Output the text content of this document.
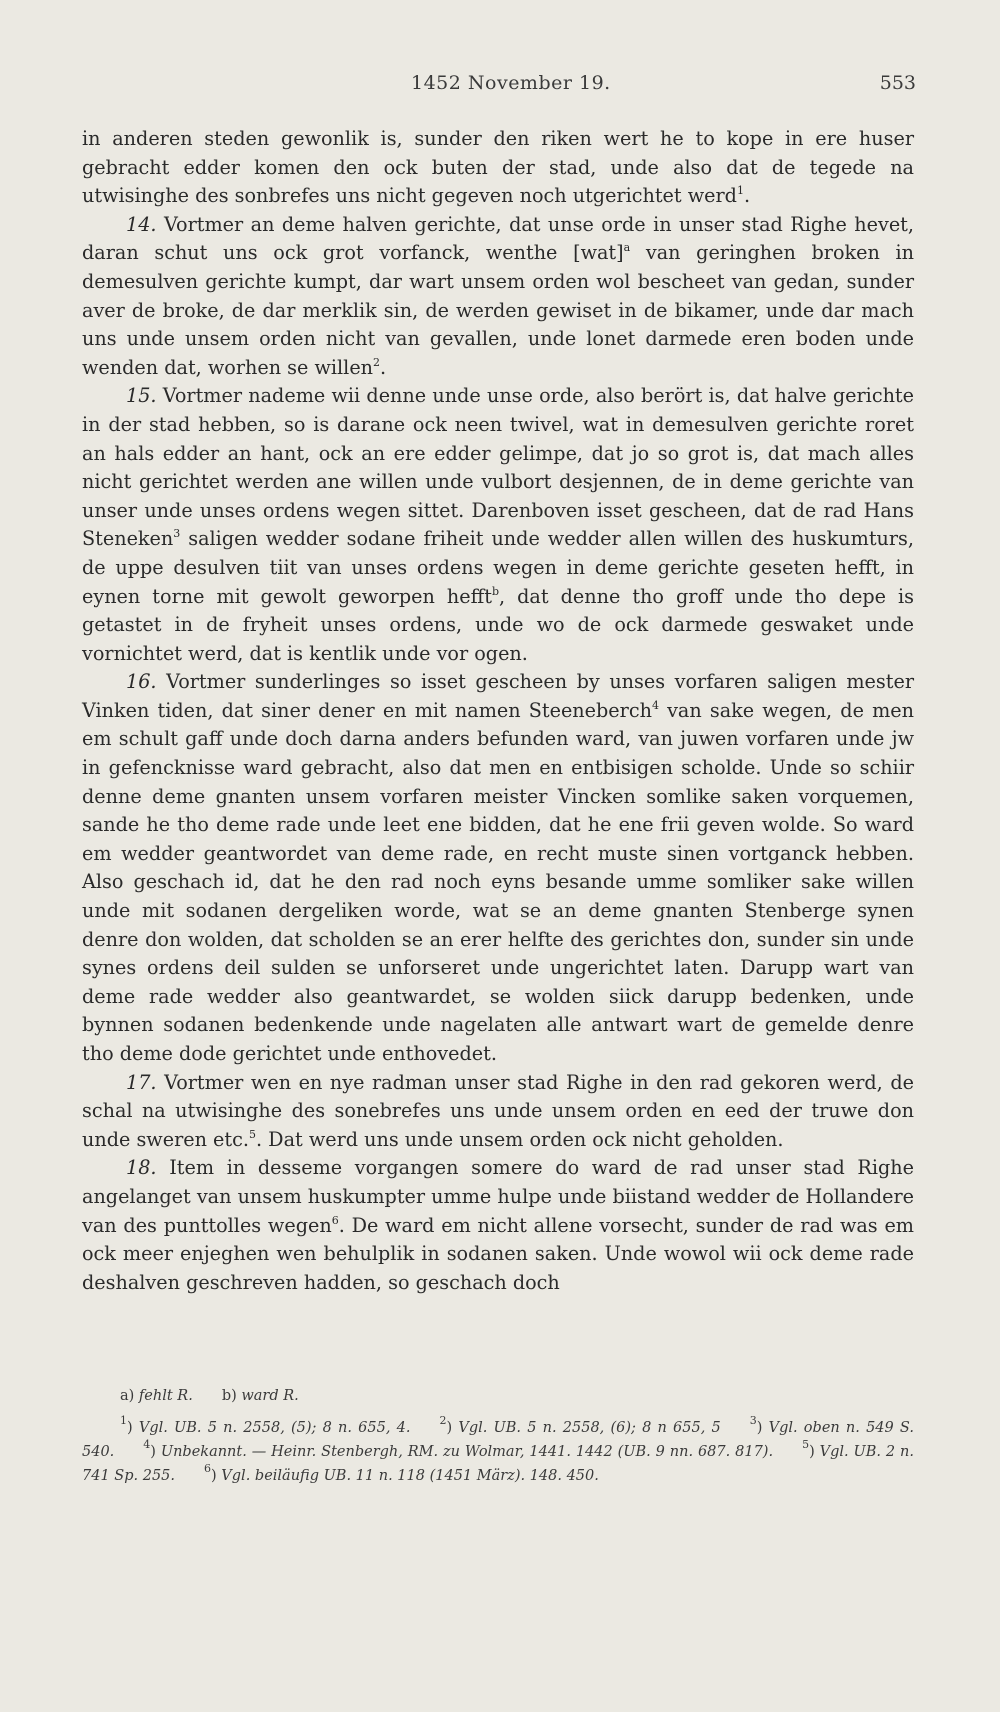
1452 November 19.	553

in anderen steden gewonlik is, sunder den riken wert he to kope in ere huser gebracht edder komen den ock buten der stad, unde also dat de tegede na utwisinghe des sonbrefes uns nicht gegeven noch utgerichtet werd$^1$.

14. Vortmer an deme halven gerichte, dat unse orde in unser stad Righe hevet, daran schut uns ock grot vorfanck, wenthe [wat]$^a$ van geringhen broken in demesulven gerichte kumpt, dar wart unsem orden wol bescheet van gedan, sunder aver de broke, de dar merklik sin, de werden gewiset in de bikamer, unde dar mach uns unde unsem orden nicht van gevallen, unde lonet darmede eren boden unde wenden dat, worhen se willen$^2$.

15. Vortmer nademe wii denne unde unse orde, also berört is, dat halve gerichte in der stad hebben, so is darane ock neen twivel, wat in demesulven gerichte roret an hals edder an hant, ock an ere edder gelimpe, dat jo so grot is, dat mach alles nicht gerichtet werden ane willen unde vulbort desjennen, de in deme gerichte van unser unde unses ordens wegen sittet. Darenboven isset gescheen, dat de rad Hans Steneken$^3$ saligen wedder sodane friheit unde wedder allen willen des huskumturs, de uppe desulven tiit van unses ordens wegen in deme gerichte geseten hefft, in eynen torne mit gewolt geworpen hefft$^b$, dat denne tho groff unde tho depe is getastet in de fryheit unses ordens, unde wo de ock darmede geswaket unde vornichtet werd, dat is kentlik unde vor ogen.

16. Vortmer sunderlinges so isset gescheen by unses vorfaren saligen mester Vinken tiden, dat siner dener en mit namen Steeneberch$^4$ van sake wegen, de men em schult gaff unde doch darna anders befunden ward, van juwen vorfaren unde jw in gefencknisse ward gebracht, also dat men en entbisigen scholde. Unde so schiir denne deme gnanten unsem vorfaren meister Vincken somlike saken vorquemen, sande he tho deme rade unde leet ene bidden, dat he ene frii geven wolde. So ward em wedder geantwordet van deme rade, en recht muste sinen vortganck hebben. Also geschach id, dat he den rad noch eyns besande umme somliker sake willen unde mit sodanen dergeliken worde, wat se an deme gnanten Stenberge synen denre don wolden, dat scholden se an erer helfte des gerichtes don, sunder sin unde synes ordens deil sulden se unforseret unde ungerichtet laten. Darupp wart van deme rade wedder also geantwardet, se wolden siick darupp bedenken, unde bynnen sodanen bedenkende unde nagelaten alle antwart wart de gemelde denre tho deme dode gerichtet unde enthovedet.

17. Vortmer wen en nye radman unser stad Righe in den rad gekoren werd, de schal na utwisinghe des sonebrefes uns unde unsem orden en eed der truwe don unde sweren etc.$^5$. Dat werd uns unde unsem orden ock nicht geholden.

18. Item in desseme vorgangen somere do ward de rad unser stad Righe angelanget van unsem huskumpter umme hulpe unde biistand wedder de Hollandere van des punttolles wegen$^6$. De ward em nicht allene vorsecht, sunder de rad was em ock meer enjeghen wen behulplik in sodanen saken. Unde wowol wii ock deme rade deshalven geschreven hadden, so geschach doch

a) fehlt R.   b) ward R.

$^1$) Vgl. UB. 5 n. 2558, (5); 8 n. 655, 4.  	$^2$) Vgl. UB. 5 n. 2558, (6); 8 n 655, 5  	$^3$) Vgl. oben n. 549 S. 540.  	$^4$) Unbekannt. — Heinr. Stenbergh, RM. zu Wolmar, 1441. 1442 (UB. 9 nn. 687. 817).  	$^5$) Vgl. UB. 2 n. 741 Sp. 255.  	$^6$) Vgl. beiläufig UB. 11 n. 118 (1451 März). 148. 450.
